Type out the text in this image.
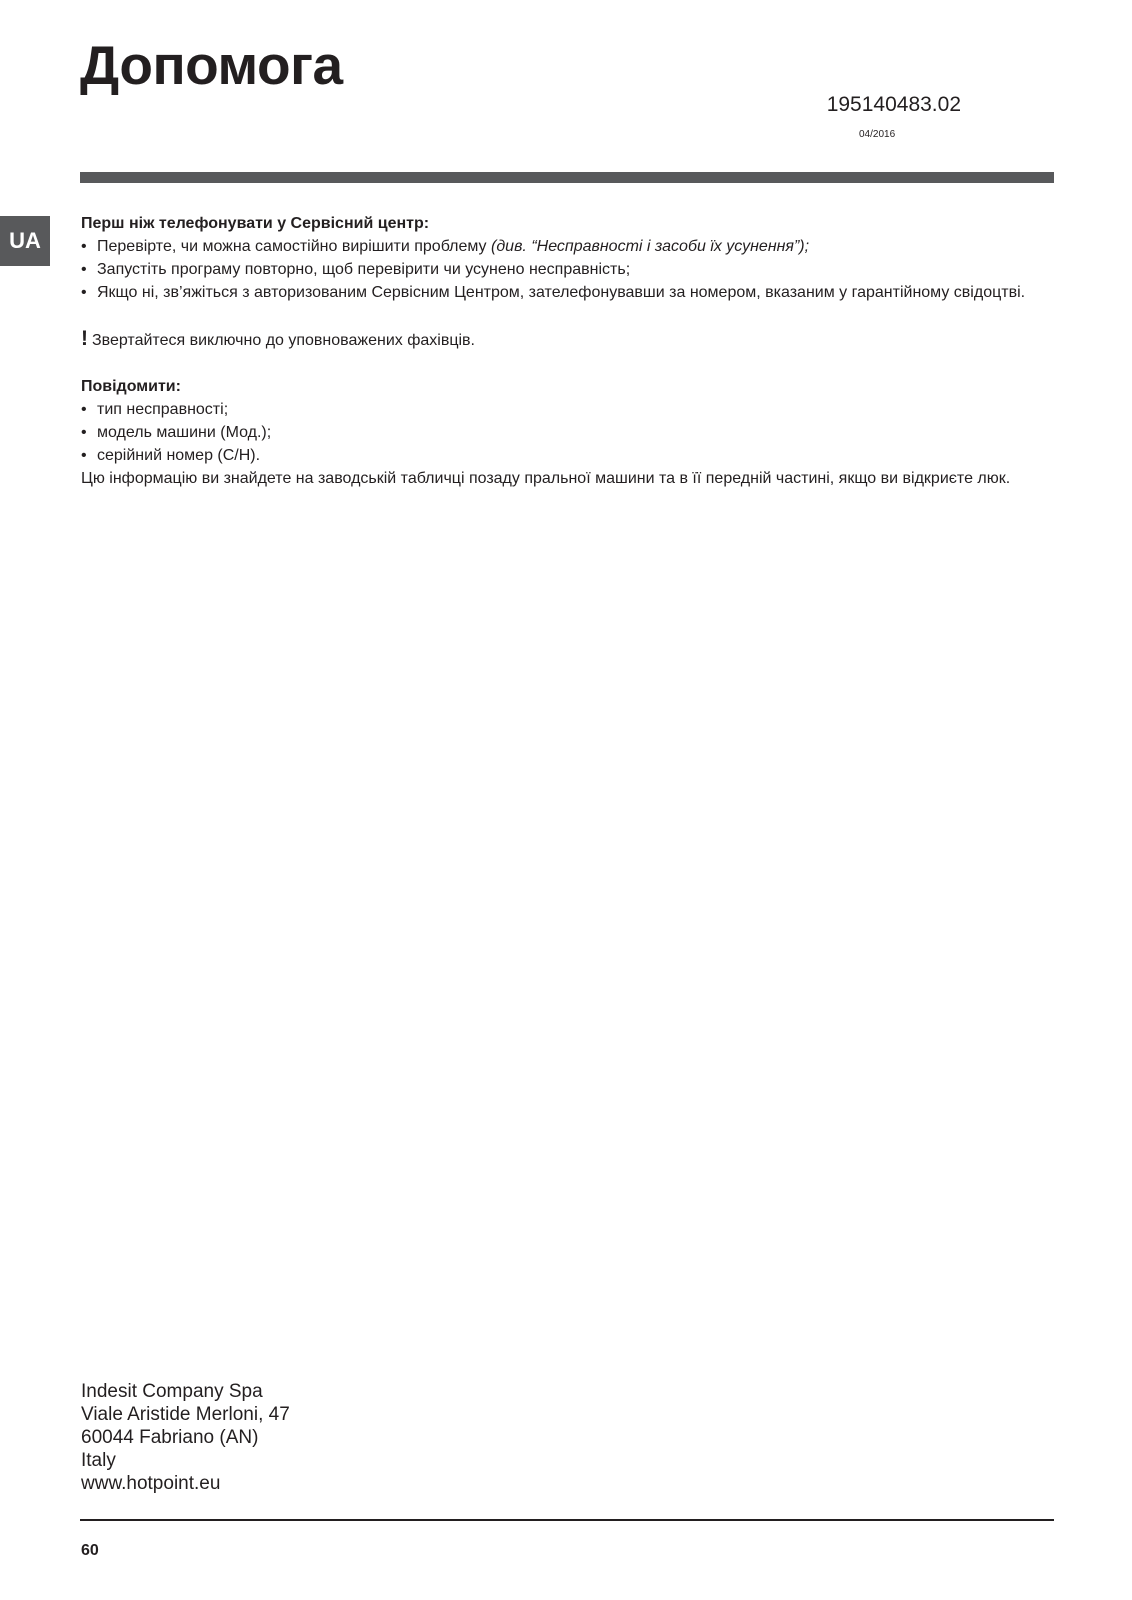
Допомога
195140483.02
04/2016
UA

Перш ніж телефонувати у Сервісний центр:

• Перевірте, чи можна самостійно вирішити проблему (див. “Несправності і засоби їх усунення”);
• Запустіть програму повторно, щоб перевірити чи усунено несправність;
• Якщо ні, зв’яжіться з авторизованим Сервісним Центром, зателефонувавши за номером, вказаним у гарантійному свідоцтві.

! Звертайтеся виключно до уповноважених фахівців.

Повідомити:

• тип несправності;
• модель машини (Мод.);
• серійний номер (С/Н).

Цю інформацію ви знайдете на заводській табличці позаду пральної машини та в її передній частині, якщо ви відкриєте люк.

Indesit Company Spa
Viale Aristide Merloni, 47
60044 Fabriano (AN)
Italy
www.hotpoint.eu
60
